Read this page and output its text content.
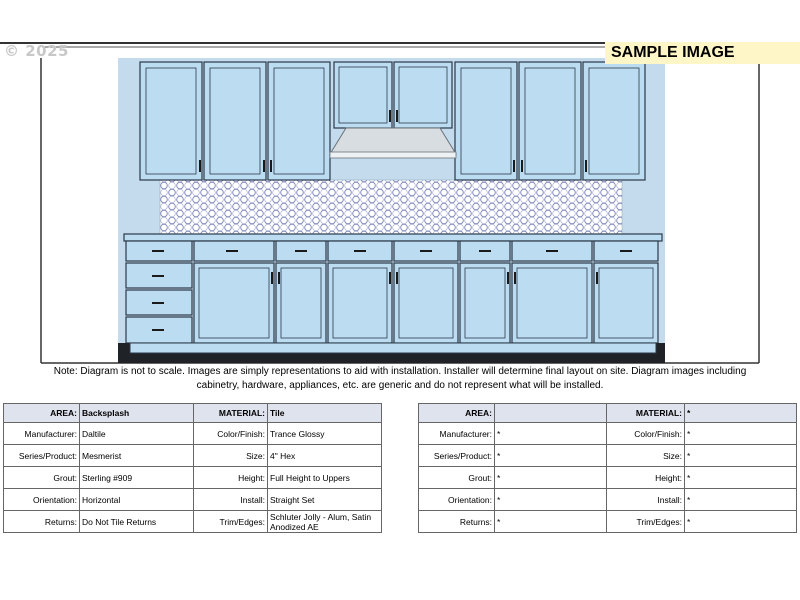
© 2025	SAMPLE IMAGE
Note: Diagram is not to scale. Images are simply representations to aid with installation. Installer will determine final layout on site. Diagram images including cabinetry, hardware, appliances, etc. are generic and do not represent what will be installed.
AREA:	Backsplash	MATERIAL:	Tile
Manufacturer:	Daltile	Color/Finish:	Trance Glossy
Series/Product:	Mesmerist	Size:	4" Hex
Grout:	Sterling #909	Height:	Full Height to Uppers
Orientation:	Horizontal	Install:	Straight Set
Returns:	Do Not Tile Returns	Trim/Edges:	Schluter Jolly - Alum, Satin Anodized AE
AREA:		MATERIAL:	*
Manufacturer:	*	Color/Finish:	*
Series/Product:	*	Size:	*
Grout:	*	Height:	*
Orientation:	*	Install:	*
Returns:	*	Trim/Edges:	*
